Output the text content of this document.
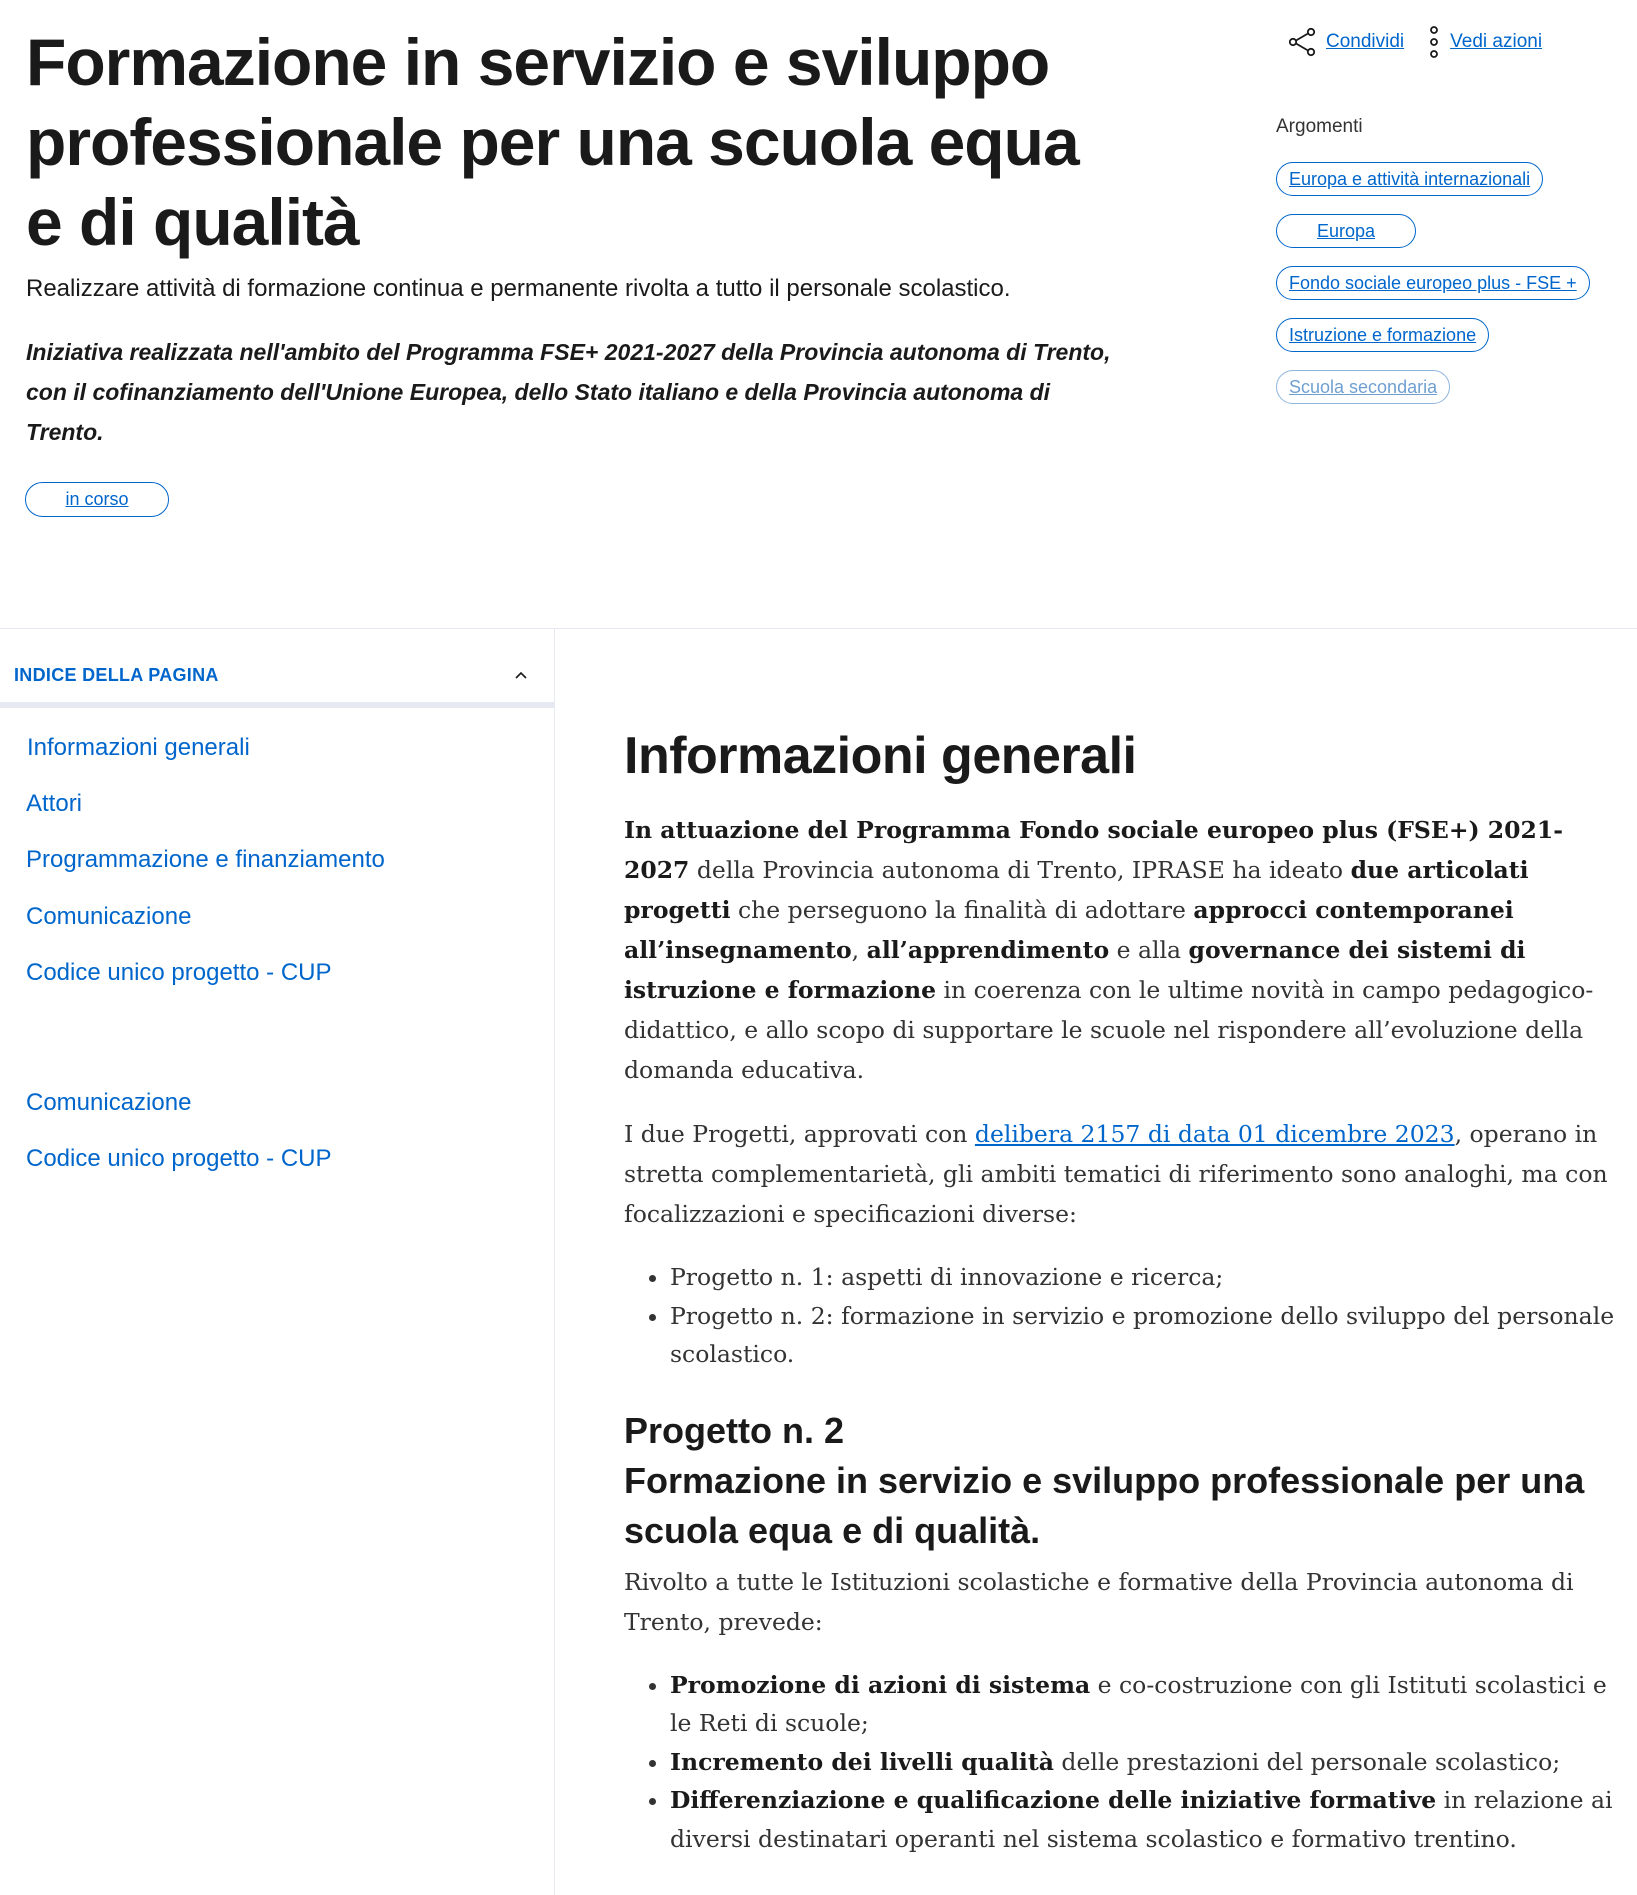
Formazione in servizio e sviluppo professionale per una scuola equa e di qualità

Realizzare attività di formazione continua e permanente rivolta a tutto il personale scolastico.

Iniziativa realizzata nell'ambito del Programma FSE+ 2021-2027 della Provincia autonoma di Trento, con il cofinanziamento dell'Unione Europea, dello Stato italiano e della Provincia autonoma di Trento.

in corso
Condividi Vedi azioni
Argomenti
Europa e attività internazionali
Europa
Fondo sociale europeo plus - FSE +
Istruzione e formazione
Scuola secondaria
INDICE DELLA PAGINA
Informazioni generali
Attori
Programmazione e finanziamento
Comunicazione
Codice unico progetto - CUP
Comunicazione
Codice unico progetto - CUP
Informazioni generali

In attuazione del Programma Fondo sociale europeo plus (FSE+) 2021-2027 della Provincia autonoma di Trento, IPRASE ha ideato due articolati progetti che perseguono la finalità di adottare approcci contemporanei all’insegnamento, all’apprendimento e alla governance dei sistemi di istruzione e formazione in coerenza con le ultime novità in campo pedagogico-didattico, e allo scopo di supportare le scuole nel rispondere all’evoluzione della domanda educativa.

I due Progetti, approvati con delibera 2157 di data 01 dicembre 2023, operano in stretta complementarietà, gli ambiti tematici di riferimento sono analoghi, ma con focalizzazioni e specificazioni diverse:

• Progetto n. 1: aspetti di innovazione e ricerca;
• Progetto n. 2: formazione in servizio e promozione dello sviluppo del personale scolastico.
Progetto n. 2
Formazione in servizio e sviluppo professionale per una scuola equa e di qualità.

Rivolto a tutte le Istituzioni scolastiche e formative della Provincia autonoma di Trento, prevede:

• Promozione di azioni di sistema e co-costruzione con gli Istituti scolastici e le Reti di scuole;
• Incremento dei livelli qualità delle prestazioni del personale scolastico;
• Differenziazione e qualificazione delle iniziative formative in relazione ai diversi destinatari operanti nel sistema scolastico e formativo trentino.
